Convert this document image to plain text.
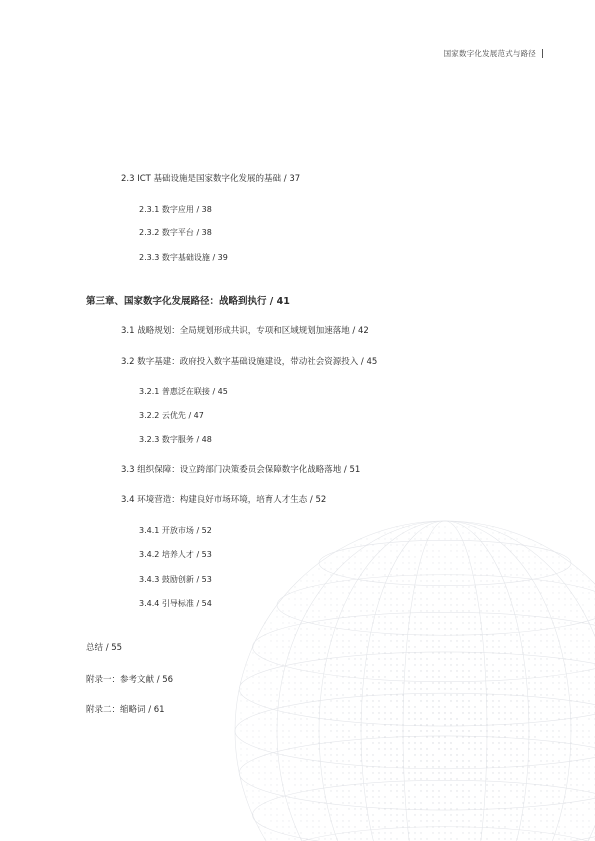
国家数字化发展范式与路径
2.3 ICT 基础设施是国家数字化发展的基础 / 37
2.3.1 数字应用 / 38
2.3.2 数字平台 / 38
2.3.3 数字基础设施 / 39
第三章、国家数字化发展路径：战略到执行 / 41
3.1 战略规划：全局规划形成共识，专项和区域规划加速落地 / 42
3.2 数字基建：政府投入数字基础设施建设，带动社会资源投入 / 45
3.2.1 普惠泛在联接 / 45
3.2.2 云优先 / 47
3.2.3 数字服务 / 48
3.3 组织保障：设立跨部门决策委员会保障数字化战略落地 / 51
3.4 环境营造：构建良好市场环境，培育人才生态 / 52
3.4.1 开放市场 / 52
3.4.2 培养人才 / 53
3.4.3 鼓励创新 / 53
3.4.4 引导标准 / 54
总结 / 55
附录一：参考文献 / 56
附录二：缩略词 / 61
